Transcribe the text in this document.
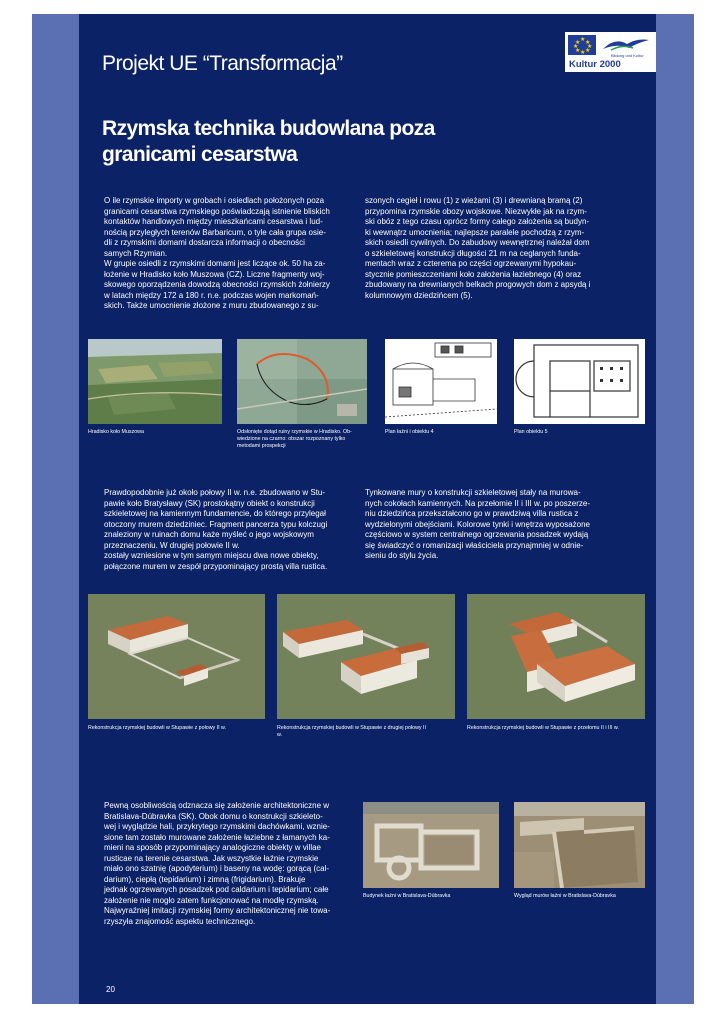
Projekt UE “Transformacja”
★
★ ★
★ ★
★ ★
★	Bildung und Kultur
Kultur 2000
Rzymska technika budowlana poza granicami cesarstwa

O ile rzymskie importy w grobach i osiedlach położonych poza
granicami cesarstwa rzymskiego poświadczają istnienie bliskich
kontaktów handlowych między mieszkańcami cesarstwa i lud-
nością przyległych terenów Barbaricum, o tyle cała grupa osie-
dli z rzymskimi domami dostarcza informacji o obecności
samych Rzymian.
W grupie osiedli z rzymskimi domami jest liczące ok. 50 ha za-
łożenie w Hradisko koło Muszowa (CZ). Liczne fragmenty woj-
skowego oporządzenia dowodzą obecności rzymskich żołnierzy
w latach między 172 a 180 r. n.e. podczas wojen markomań-
skich. Także umocnienie złożone z muru zbudowanego z su-

szonych cegieł i rowu (1) z wieżami (3) i drewnianą bramą (2)
przypomina rzymskie obozy wojskowe. Niezwykłe jak na rzym-
ski obóz z tego czasu oprócz formy całego założenia są budyn-
ki wewnątrz umocnienia; najlepsze paralele pochodzą z rzym-
skich osiedli cywilnych. Do zabudowy wewnętrznej należał dom
o szkieletowej konstrukcji długości 21 m na ceglanych funda-
mentach wraz z czterema po części ogrzewanymi hypokau-
stycznie pomieszczeniami koło założenia łaziebnego (4) oraz
zbudowany na drewnianych belkach progowych dom z apsydą i
kolumnowym dziedzińcem (5).

Hradisko koło Muszowa	Odsłonięte dotąd ruiny rzymskie w Hradisko. Ob-
wiedzione na czarno: obszar rozpoznany tylko
metodami prospekcji

Plan łaźni i obiektu 4	Plan obiektu 5

Prawdopodobnie już około połowy II w. n.e. zbudowano w Stu-
pawie koło Bratysławy (SK) prostokątny obiekt o konstrukcji
szkieletowej na kamiennym fundamencie, do którego przylegał
otoczony murem dziedziniec. Fragment pancerza typu kolczugi
znaleziony w ruinach domu każe myśleć o jego wojskowym
przeznaczeniu. W drugiej połowie II w.
zostały wzniesione w tym samym miejscu dwa nowe obiekty,
połączone murem w zespół przypominający prostą villa rustica.

Tynkowane mury o konstrukcji szkieletowej stały na murowa-
nych cokołach kamiennych. Na przełomie II i III w. po poszerze-
niu dziedzińca przekształcono go w prawdziwą villa rustica z
wydzielonymi obejściami. Kolorowe tynki i wnętrza wyposażone
częściowo w system centralnego ogrzewania posadzek wydają
się świadczyć o romanizacji właściciela przynajmniej w odnie-
sieniu do stylu życia.

Rekonstrukcja rzymskiej budowli w Stupawie z połowy II w.	Rekonstrukcja rzymskiej budowli w Stupawie z drugiej połowy II
w.

Rekonstrukcja rzymskiej budowli w Stupawie z przełomu II i III w.

Pewną osobliwością odznacza się założenie architektoniczne w
Bratislava-Dúbravka (SK). Obok domu o konstrukcji szkieleto-
wej i wyglądzie hali, przykrytego rzymskimi dachówkami, wznie-
sione tam zostało murowane założenie łaziebne z łamanych ka-
mieni na sposób przypominający analogiczne obiekty w villae
rusticae na terenie cesarstwa. Jak wszystkie łaźnie rzymskie
miało ono szatnię (apodyterium) i baseny na wodę: gorącą (cal-
darium), ciepłą (tepidarium) i zimną (frigidarium). Brakuje
jednak ogrzewanych posadzek pod caldarium i tepidarium; całe
założenie nie mogło zatem funkcjonować na modłę rzymską.
Najwyraźniej imitacji rzymskiej formy architektonicznej nie towa-
rzyszyła znajomość aspektu technicznego.

Budynek łaźni w Bratislava-Dúbravka	Wygląd murów łaźni w Bratislava-Dúbravka

20
